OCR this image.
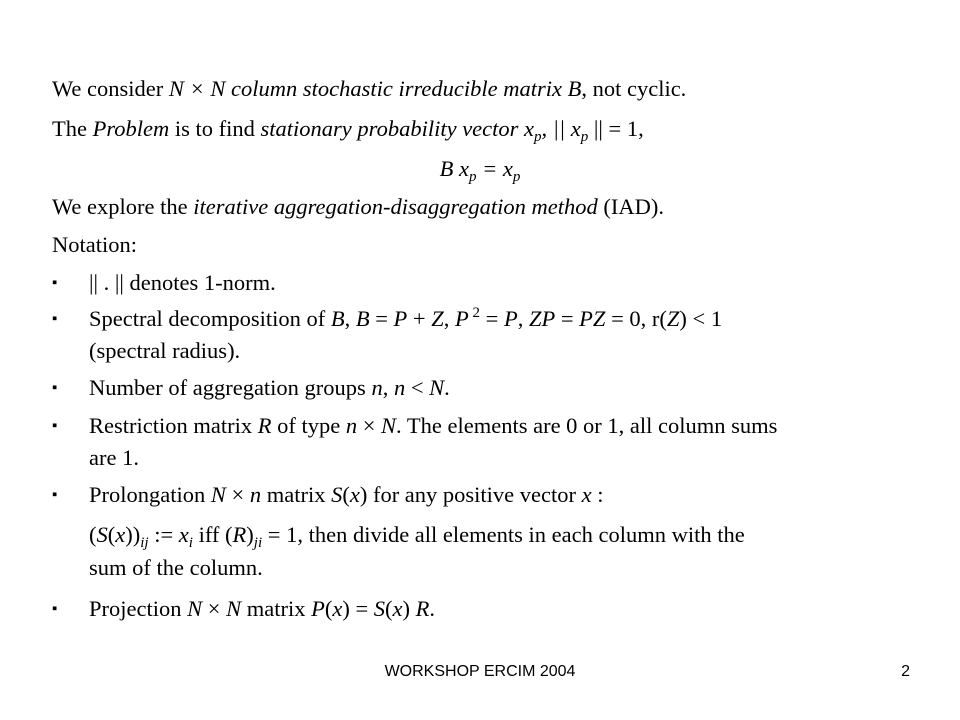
We consider N × N column stochastic irreducible matrix B, not cyclic.
The Problem is to find stationary probability vector $x_p$, || $x_p$ || = 1,
B $x_p = x_p$
We explore the iterative aggregation-disaggregation method (IAD).
Notation:
▪	|| . || denotes 1-norm.
▪	Spectral decomposition of B, B = P + Z, P $^2$ = P, ZP = PZ = 0, r(Z) < 1
(spectral radius).
▪	Number of aggregation groups n, n < N.
▪	Restriction matrix R of type n × N. The elements are 0 or 1, all column sums
are 1.
▪	Prolongation N × n matrix S(x) for any positive vector x :
$(S(x))_{ij}$ := $x_i$ iff $(R)_{ji} = 1$, then divide all elements in each column with the
sum of the column.
▪	Projection N × N matrix P(x) = S(x) R.
WORKSHOP ERCIM 2004	2
